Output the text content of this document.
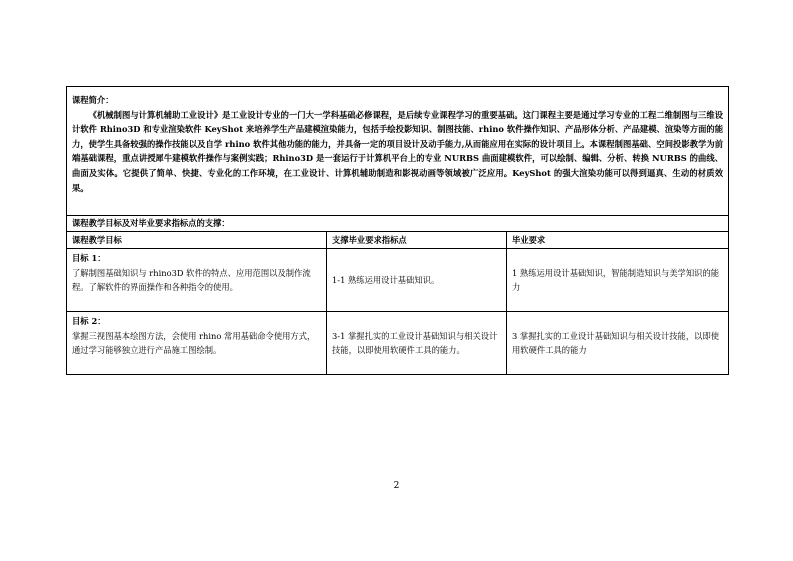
课程简介：
《机械制图与计算机辅助工业设计》是工业设计专业的一门大一学科基础必修课程，是后续专业课程学习的重要基础。这门课程主要是通过学习专业的工程二维制图与三维设计软件 Rhino3D 和专业渲染软件 KeyShot 来培养学生产品建模渲染能力，包括手绘投影知识、制图技能、rhino 软件操作知识、产品形体分析、产品建模、渲染等方面的能力，使学生具备较强的操作技能以及自学 rhino 软件其他功能的能力，并具备一定的项目设计及动手能力,从而能应用在实际的设计项目上。本课程制图基础、空间投影教学为前端基础课程，重点讲授犀牛建模软件操作与案例实践；Rhino3D 是一套运行于计算机平台上的专业 NURBS 曲面建模软件，可以绘制、编辑、分析、转换 NURBS 的曲线、曲面及实体。它提供了简单、快捷、专业化的工作环境，在工业设计、计算机辅助制造和影视动画等领域被广泛应用。KeyShot 的强大渲染功能可以得到逼真、生动的材质效果。		

课程教学目标及对毕业要求指标点的支撑：		
课程教学目标	支撑毕业要求指标点	毕业要求

目标 1：
了解制图基础知识与 rhino3D 软件的特点、应用范围以及制作流程。了解软件的界面操作和各种指令的使用。	1-1 熟练运用设计基础知识。	1 熟练运用设计基础知识，智能制造知识与美学知识的能力

目标 2：
掌握三视图基本绘图方法，会使用 rhino 常用基础命令使用方式，通过学习能够独立进行产品施工图绘制。	3-1 掌握扎实的工业设计基础知识与相关设计技能，以即使用软硬件工具的能力。	3 掌握扎实的工业设计基础知识与相关设计技能，以即使用软硬件工具的能力
2
